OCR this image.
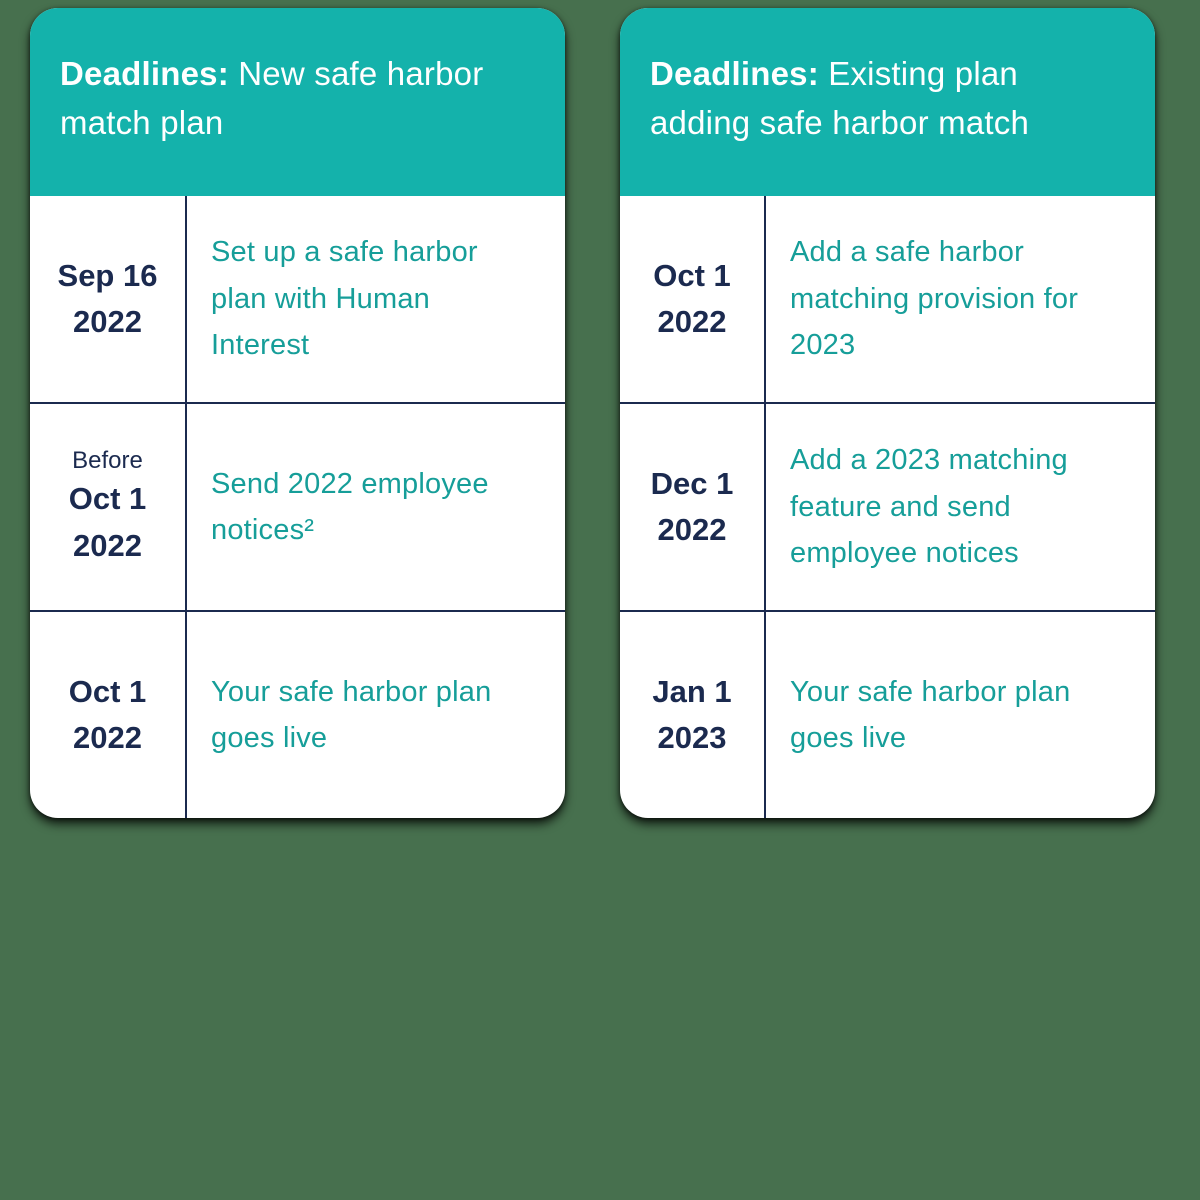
Deadlines: New safe harbor match plan
Sep 16
2022
Set up a safe harbor plan with Human Interest
Before
Oct 1
2022
Send 2022 employee notices²
Oct 1
2022
Your safe harbor plan goes live
Deadlines: Existing plan adding safe harbor match
Oct 1
2022
Add a safe harbor matching provision for 2023
Dec 1
2022
Add a 2023 matching feature and send employee notices
Jan 1
2023
Your safe harbor plan goes live
